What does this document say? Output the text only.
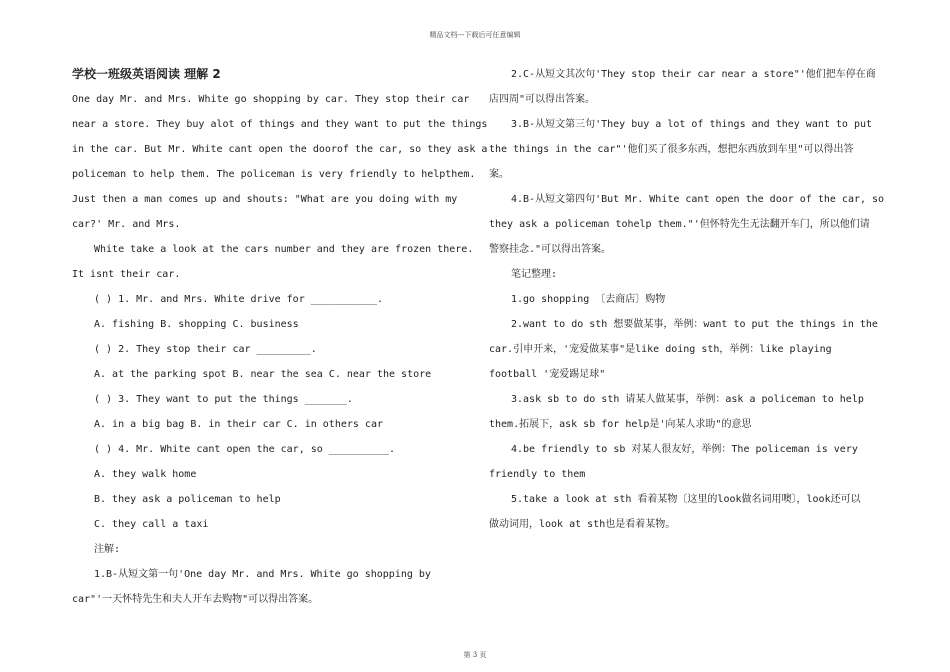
精品文档---下载后可任意编辑
学校一班级英语阅读 理解 2
One day Mr. and Mrs. White go shopping by car. They stop their car
near a store. They buy alot of things and they want to put the things
in the car. But Mr. White cant open the doorof the car, so they ask a
policeman to help them. The policeman is very friendly to helpthem.
Just then a man comes up and shouts: "What are you doing with my
car?' Mr. and Mrs.
White take a look at the cars number and they are frozen there.
It isnt their car.
( ) 1. Mr. and Mrs. White drive for ___________.
A. fishing B. shopping C. business
( ) 2. They stop their car _________.
A. at the parking spot B. near the sea C. near the store
( ) 3. They want to put the things _______.
A. in a big bag B. in their car C. in others car
( ) 4. Mr. White cant open the car, so __________.
A. they walk home
B. they ask a policeman to help
C. they call a taxi
注解:
1.B-从短文第一句'One day Mr. and Mrs. White go shopping by
car"'一天怀特先生和夫人开车去购物"可以得出答案。
2.C-从短文其次句'They stop their car near a store"'他们把车停在商
店四周"可以得出答案。
3.B-从短文第三句'They buy a lot of things and they want to put
the things in the car"'他们买了很多东西，想把东西放到车里"可以得出答
案。
4.B-从短文第四句'But Mr. White cant open the door of the car, so
they ask a policeman tohelp them."'但怀特先生无法翻开车门，所以他们请
警察挂念."可以得出答案。
笔记整理:
1.go shopping 〔去商店〕购物
2.want to do sth 想要做某事，举例：want to put the things in the
car.引申开来，'宠爱做某事"是like doing sth，举例：like playing
football '宠爱踢足球"
3.ask sb to do sth 请某人做某事，举例：ask a policeman to help
them.拓展下，ask sb for help是'向某人求助"的意思
4.be friendly to sb 对某人很友好，举例：The policeman is very
friendly to them
5.take a look at sth 看着某物〔这里的look做名词用噢〕，look还可以
做动词用，look at sth也是看着某物。
第 3 页
